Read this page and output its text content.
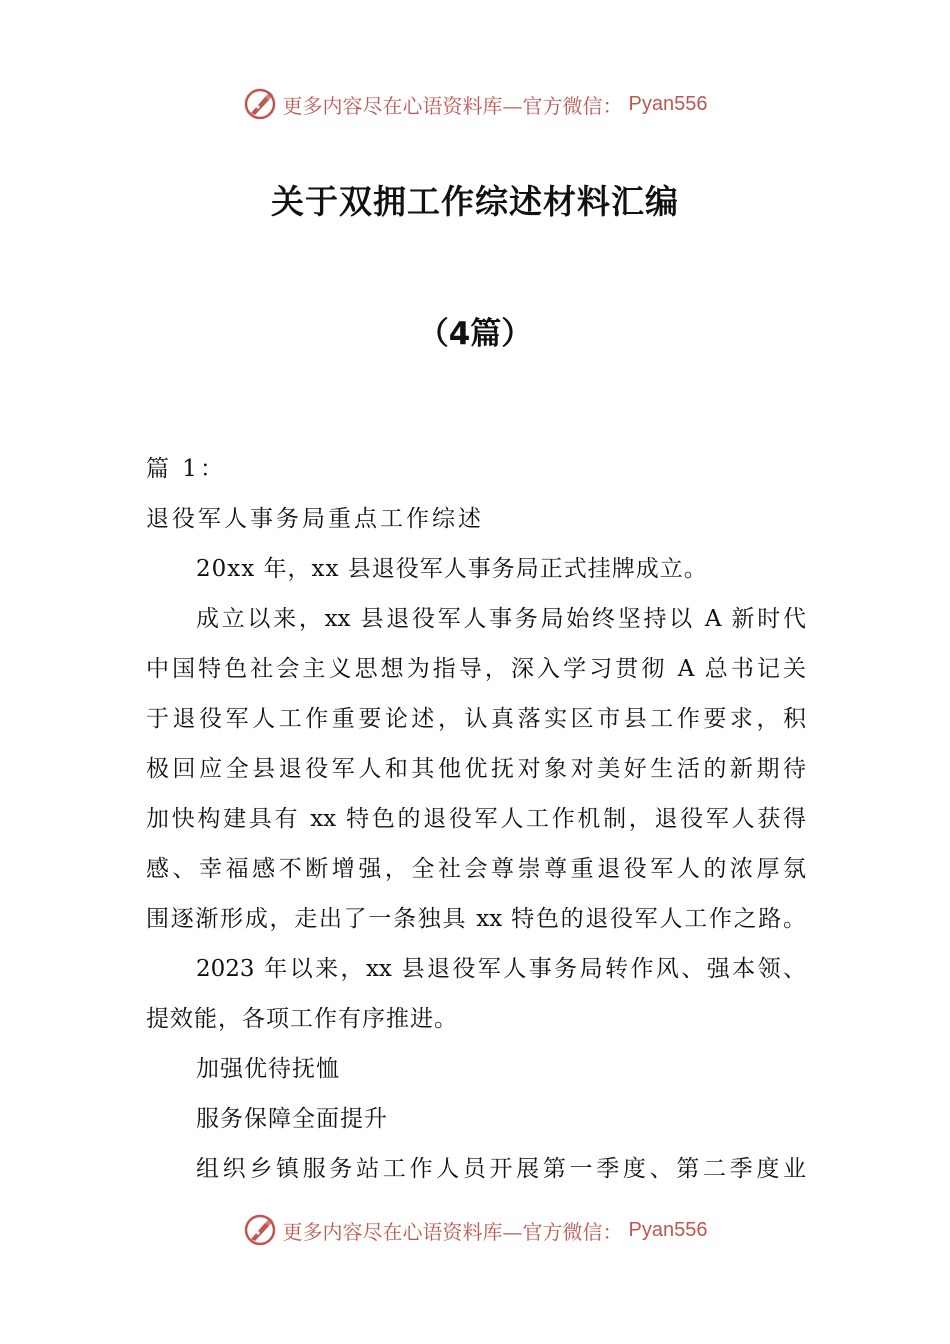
更多内容尽在心语资料库—官方微信： Pyan556
关于双拥工作综述材料汇编
（4篇）
篇 1：
退役军人事务局重点工作综述
20xx 年，xx 县退役军人事务局正式挂牌成立。
成立以来，xx 县退役军人事务局始终坚持以 A 新时代
中国特色社会主义思想为指导，深入学习贯彻 A 总书记关
于退役军人工作重要论述，认真落实区市县工作要求，积
极回应全县退役军人和其他优抚对象对美好生活的新期待
加快构建具有 xx 特色的退役军人工作机制，退役军人获得
感、幸福感不断增强，全社会尊崇尊重退役军人的浓厚氛
围逐渐形成，走出了一条独具 xx 特色的退役军人工作之路。
2023 年以来，xx 县退役军人事务局转作风、强本领、
提效能，各项工作有序推进。
加强优待抚恤
服务保障全面提升
组织乡镇服务站工作人员开展第一季度、第二季度业
更多内容尽在心语资料库—官方微信： Pyan556
